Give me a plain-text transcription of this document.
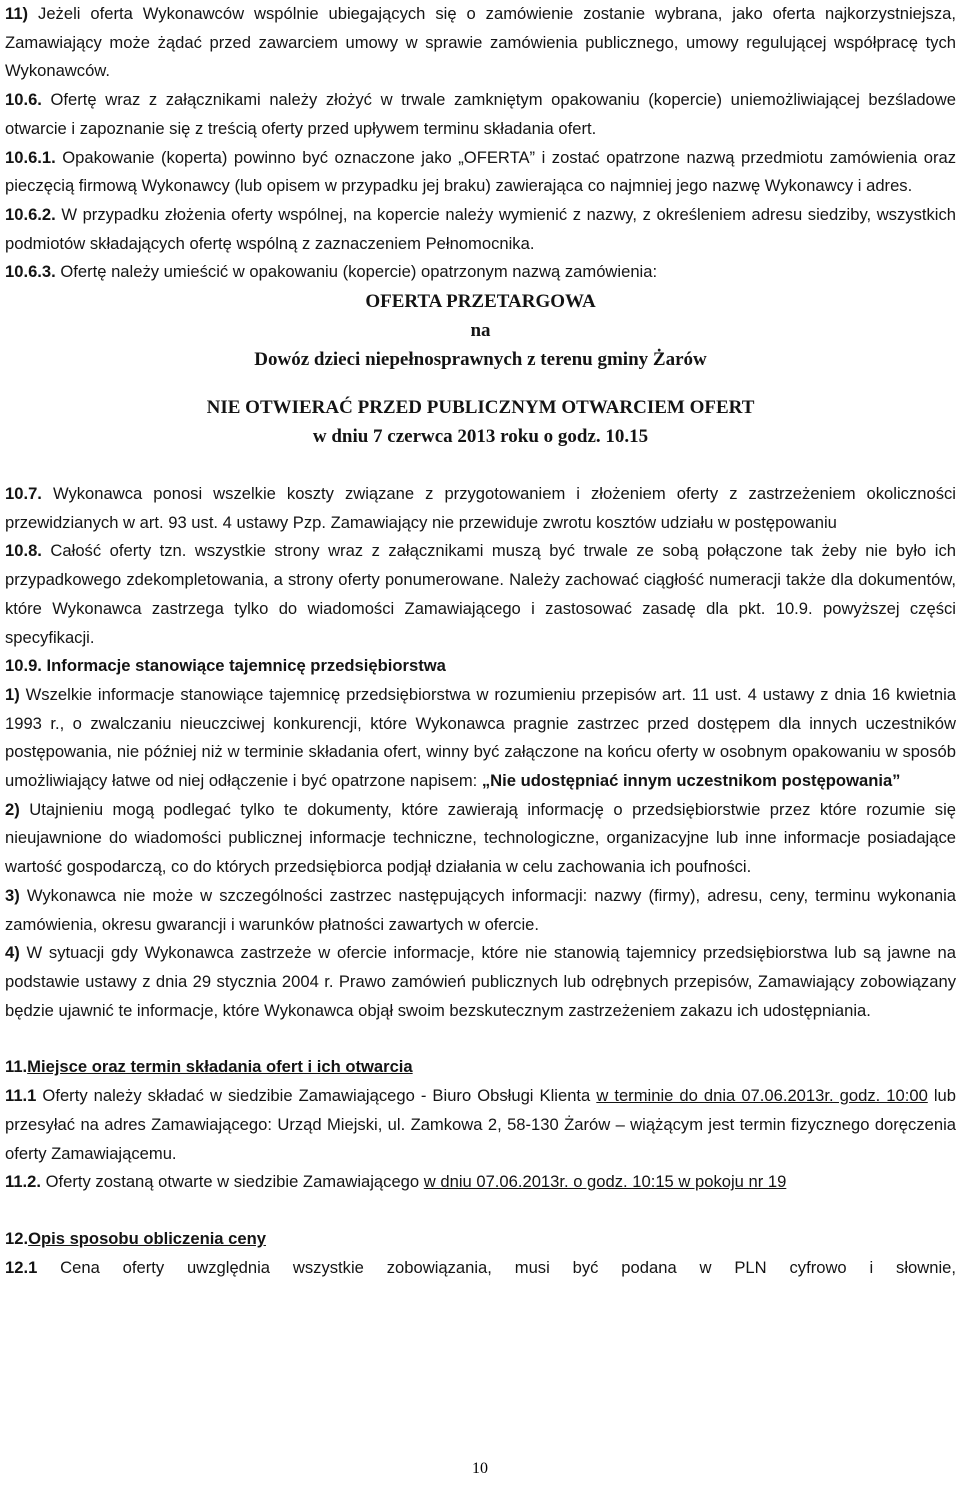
11) Jeżeli oferta Wykonawców wspólnie ubiegających się o zamówienie zostanie wybrana, jako oferta najkorzystniejsza, Zamawiający może żądać przed zawarciem umowy w sprawie zamówienia publicznego, umowy regulującej współpracę tych Wykonawców.

10.6. Ofertę wraz z załącznikami należy złożyć w trwale zamkniętym opakowaniu (kopercie) uniemożliwiającej bezśladowe otwarcie i zapoznanie się z treścią oferty przed upływem terminu składania ofert.

10.6.1. Opakowanie (koperta) powinno być oznaczone jako „OFERTA” i zostać opatrzone nazwą przedmiotu zamówienia oraz pieczęcią firmową Wykonawcy (lub opisem w przypadku jej braku) zawierająca co najmniej jego nazwę Wykonawcy i adres.

10.6.2. W przypadku złożenia oferty wspólnej, na kopercie należy wymienić z nazwy, z określeniem adresu siedziby, wszystkich podmiotów składających ofertę wspólną z zaznaczeniem Pełnomocnika.

10.6.3. Ofertę należy umieścić w opakowaniu (kopercie) opatrzonym nazwą zamówienia:

OFERTA PRZETARGOWA

na

Dowóz dzieci niepełnosprawnych z terenu gminy Żarów

NIE OTWIERAĆ PRZED PUBLICZNYM OTWARCIEM OFERT

w dniu 7 czerwca 2013 roku o godz. 10.15

10.7. Wykonawca ponosi wszelkie koszty związane z przygotowaniem i złożeniem oferty z zastrzeżeniem okoliczności przewidzianych w art. 93 ust. 4 ustawy Pzp. Zamawiający nie przewiduje zwrotu kosztów udziału w postępowaniu

10.8. Całość oferty tzn. wszystkie strony wraz z załącznikami muszą być trwale ze sobą połączone tak żeby nie było ich przypadkowego zdekompletowania, a strony oferty ponumerowane. Należy zachować ciągłość numeracji także dla dokumentów, które Wykonawca zastrzega tylko do wiadomości Zamawiającego i zastosować zasadę dla pkt. 10.9. powyższej części specyfikacji.

10.9. Informacje stanowiące tajemnicę przedsiębiorstwa

1) Wszelkie informacje stanowiące tajemnicę przedsiębiorstwa w rozumieniu przepisów art. 11 ust. 4 ustawy z dnia 16 kwietnia 1993 r., o zwalczaniu nieuczciwej konkurencji, które Wykonawca pragnie zastrzec przed dostępem dla innych uczestników postępowania, nie później niż w terminie składania ofert, winny być załączone na końcu oferty w osobnym opakowaniu w sposób umożliwiający łatwe od niej odłączenie i być opatrzone napisem: „Nie udostępniać innym uczestnikom postępowania”

2) Utajnieniu mogą podlegać tylko te dokumenty, które zawierają informację o przedsiębiorstwie przez które rozumie się nieujawnione do wiadomości publicznej informacje techniczne, technologiczne, organizacyjne lub inne informacje posiadające wartość gospodarczą, co do których przedsiębiorca podjął działania w celu zachowania ich poufności.

3) Wykonawca nie może w szczególności zastrzec następujących informacji: nazwy (firmy), adresu, ceny, terminu wykonania zamówienia, okresu gwarancji i warunków płatności zawartych w ofercie.

4) W sytuacji gdy Wykonawca zastrzeże w ofercie informacje, które nie stanowią tajemnicy przedsiębiorstwa lub są jawne na podstawie ustawy z dnia 29 stycznia 2004 r. Prawo zamówień publicznych lub odrębnych przepisów, Zamawiający zobowiązany będzie ujawnić te informacje, które Wykonawca objął swoim bezskutecznym zastrzeżeniem zakazu ich udostępniania.

11.Miejsce oraz termin składania ofert i ich otwarcia

11.1 Oferty należy składać w siedzibie Zamawiającego - Biuro Obsługi Klienta w terminie do dnia 07.06.2013r. godz. 10:00 lub przesyłać na adres Zamawiającego: Urząd Miejski, ul. Zamkowa 2, 58-130 Żarów – wiążącym jest termin fizycznego doręczenia oferty Zamawiającemu.

11.2. Oferty zostaną otwarte w siedzibie Zamawiającego w dniu 07.06.2013r. o godz. 10:15 w pokoju nr 19

12.Opis sposobu obliczenia ceny

12.1 Cena oferty uwzględnia wszystkie zobowiązania, musi być podana w PLN cyfrowo i słownie,

10
